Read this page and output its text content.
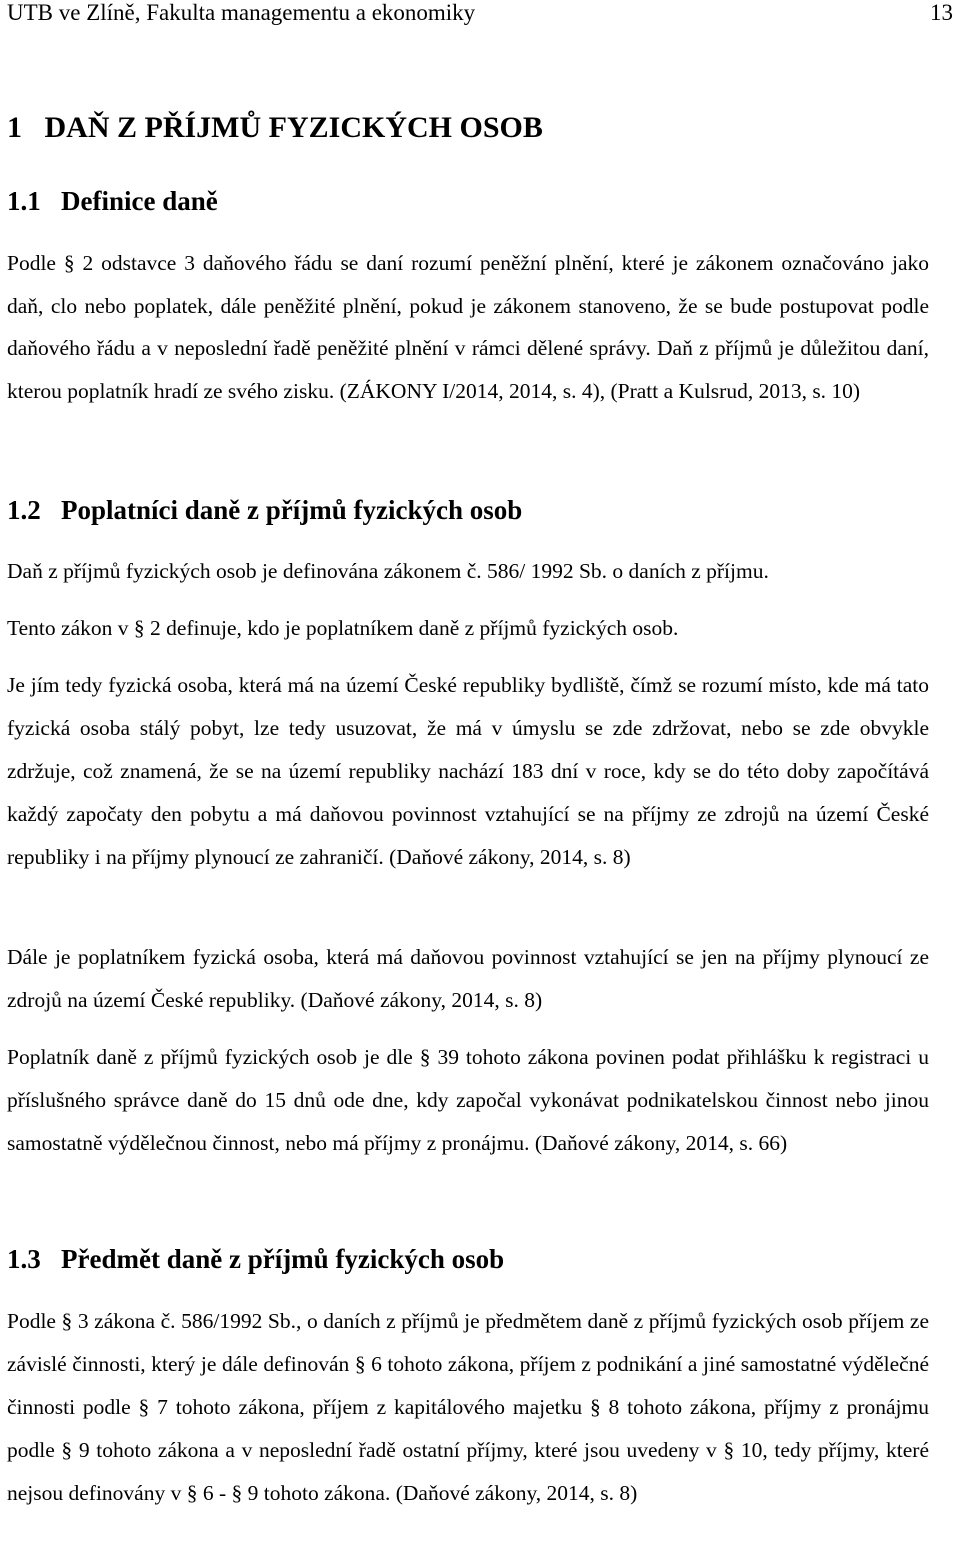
UTB ve Zlíně, Fakulta managementu a ekonomiky	13
1   DAŇ Z PŘÍJMŮ FYZICKÝCH OSOB
1.1   Definice daně
Podle § 2 odstavce 3 daňového řádu se daní rozumí peněžní plnění, které je zákonem označováno jako daň, clo nebo poplatek, dále peněžité plnění, pokud je zákonem stanoveno, že se bude postupovat podle daňového řádu a v neposlední řadě peněžité plnění v rámci dělené správy. Daň z příjmů je důležitou daní, kterou poplatník hradí ze svého zisku. (ZÁKONY I/2014, 2014, s. 4), (Pratt a Kulsrud, 2013, s. 10)
1.2   Poplatníci daně z příjmů fyzických osob
Daň z příjmů fyzických osob je definována zákonem č. 586/ 1992 Sb. o daních z příjmu.
Tento zákon v § 2 definuje, kdo je poplatníkem daně z příjmů fyzických osob.
Je jím tedy fyzická osoba, která má na území České republiky bydliště, čímž se rozumí místo, kde má tato fyzická osoba stálý pobyt, lze tedy usuzovat, že má v úmyslu se zde zdržovat, nebo se zde obvykle zdržuje, což znamená, že se na území republiky nachází 183 dní v roce, kdy se do této doby započítává každý započaty den pobytu a má daňovou povinnost vztahující se na příjmy ze zdrojů na území České republiky i na příjmy plynoucí ze zahraničí. (Daňové zákony, 2014, s. 8)
Dále je poplatníkem fyzická osoba, která má daňovou povinnost vztahující se jen na příjmy plynoucí ze zdrojů na území České republiky. (Daňové zákony, 2014, s. 8)
Poplatník daně z příjmů fyzických osob je dle § 39 tohoto zákona povinen podat přihlášku k registraci u příslušného správce daně do 15 dnů ode dne, kdy započal vykonávat podnikatelskou činnost nebo jinou samostatně výdělečnou činnost, nebo má příjmy z pronájmu. (Daňové zákony, 2014, s. 66)
1.3   Předmět daně z příjmů fyzických osob
Podle § 3 zákona č. 586/1992 Sb., o daních z příjmů je předmětem daně z příjmů fyzických osob příjem ze závislé činnosti, který je dále definován § 6 tohoto zákona, příjem z podnikání a jiné samostatné výdělečné činnosti podle § 7 tohoto zákona, příjem z kapitálového majetku § 8 tohoto zákona, příjmy z pronájmu podle § 9 tohoto zákona a v neposlední řadě ostatní příjmy, které jsou uvedeny v § 10, tedy příjmy, které nejsou definovány v § 6 - § 9 tohoto zákona. (Daňové zákony, 2014, s. 8)
